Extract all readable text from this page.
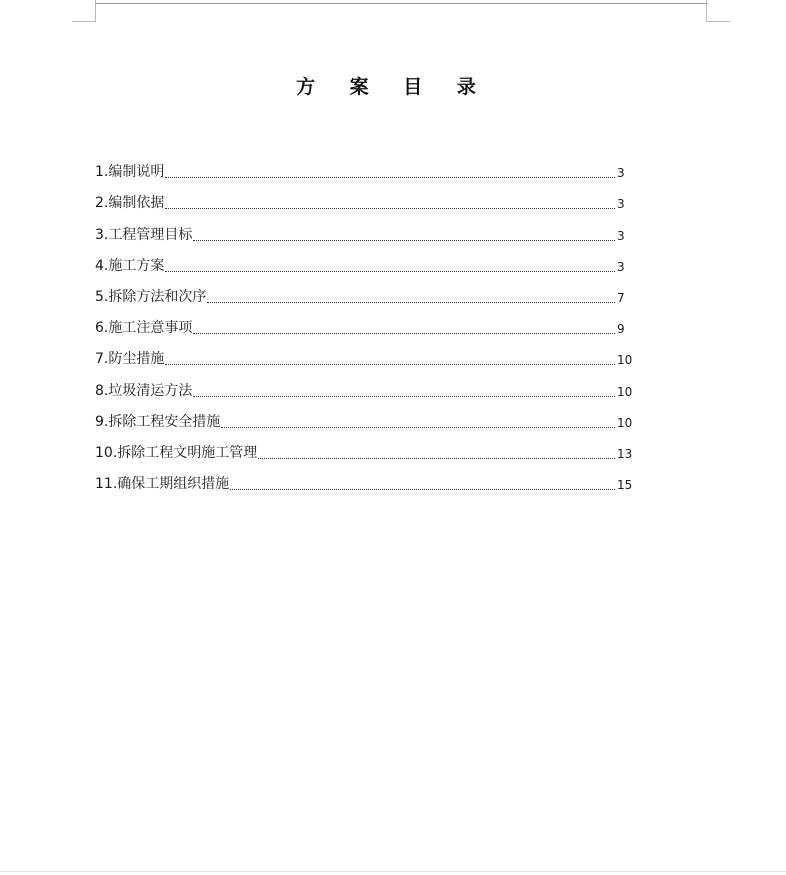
方 案 目 录
1.编制说明	3
2.编制依据	3
3.工程管理目标	3
4.施工方案	3
5.拆除方法和次序	7
6.施工注意事项	9
7.防尘措施	10
8.垃圾清运方法	10
9.拆除工程安全措施	10
10.拆除工程文明施工管理	13
11.确保工期组织措施	15
